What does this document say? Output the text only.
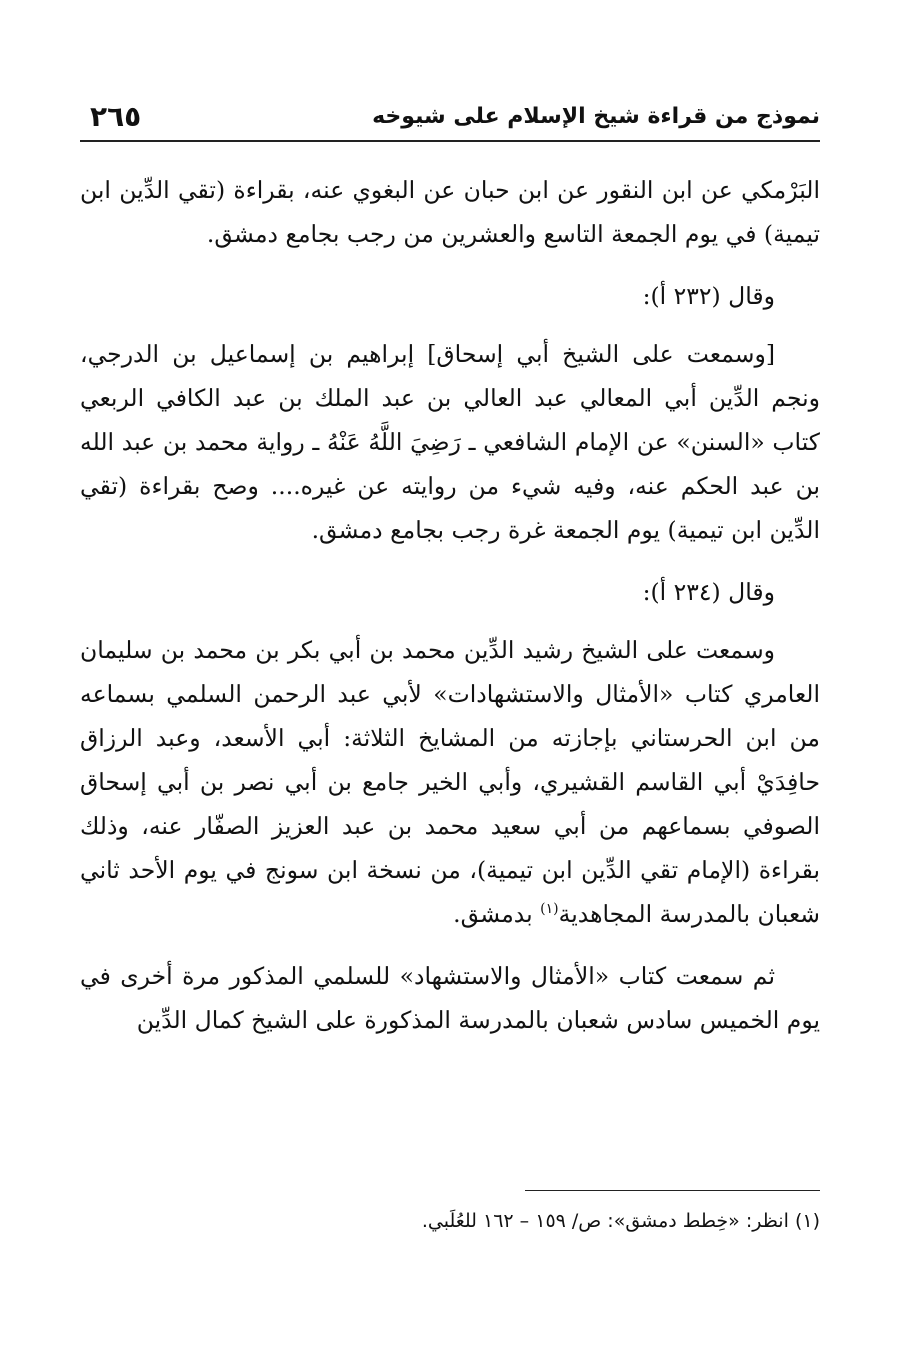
نموذج من قراءة شيخ الإسلام على شيوخه
٢٦٥

البَرْمكي عن ابن النقور عن ابن حبان عن البغوي عنه، بقراءة (تقي الدِّين ابن تيمية) في يوم الجمعة التاسع والعشرين من رجب بجامع دمشق.

وقال (٢٣٢ أ):

[وسمعت على الشيخ أبي إسحاق] إبراهيم بن إسماعيل بن الدرجي، ونجم الدِّين أبي المعالي عبد العالي بن عبد الملك بن عبد الكافي الربعي كتاب «السنن» عن الإمام الشافعي ـ رَضِيَ اللَّهُ عَنْهُ ـ رواية محمد بن عبد الله بن عبد الحكم عنه، وفيه شيء من روايته عن غيره.... وصح بقراءة (تقي الدِّين ابن تيمية) يوم الجمعة غرة رجب بجامع دمشق.

وقال (٢٣٤ أ):

وسمعت على الشيخ رشيد الدِّين محمد بن أبي بكر بن محمد بن سليمان العامري كتاب «الأمثال والاستشهادات» لأبي عبد الرحمن السلمي بسماعه من ابن الحرستاني بإجازته من المشايخ الثلاثة: أبي الأسعد، وعبد الرزاق حافِدَيْ أبي القاسم القشيري، وأبي الخير جامع بن أبي نصر بن أبي إسحاق الصوفي بسماعهم من أبي سعيد محمد بن عبد العزيز الصفّار عنه، وذلك بقراءة (الإمام تقي الدِّين ابن تيمية)، من نسخة ابن سونج في يوم الأحد ثاني شعبان بالمدرسة المجاهدية$^{(١)}$ بدمشق.

ثم سمعت كتاب «الأمثال والاستشهاد» للسلمي المذكور مرة أخرى في يوم الخميس سادس شعبان بالمدرسة المذكورة على الشيخ كمال الدِّين

(١) انظر: «خِطط دمشق»: ص/ ١٥٩ – ١٦٢ للعُلَبي.
